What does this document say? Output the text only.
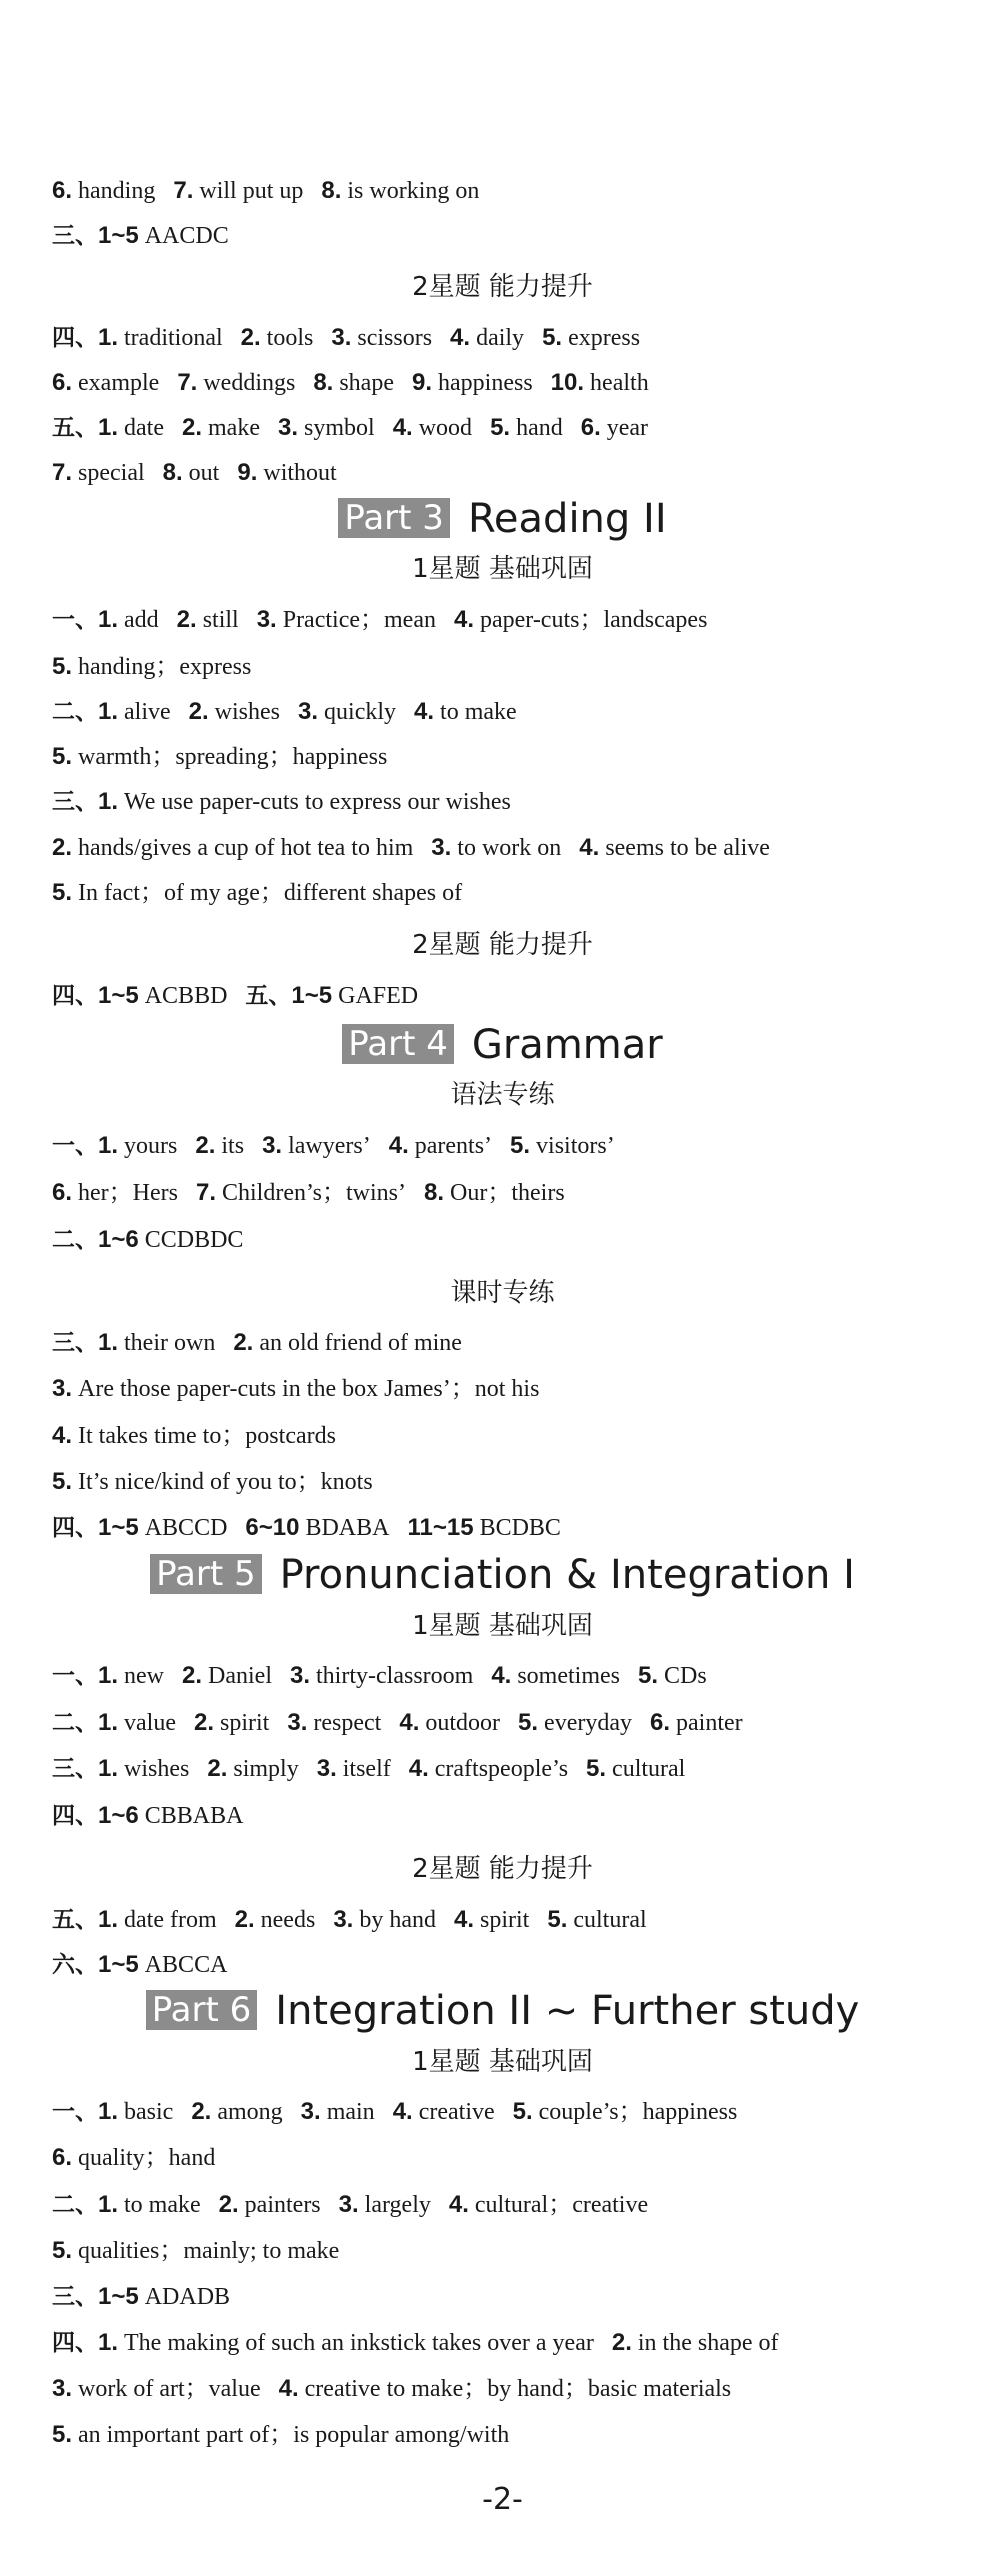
6. handing 7. will put up 8. is working on
三、1~5 AACDC
2星题 能力提升
四、1. traditional 2. tools 3. scissors 4. daily 5. express
6. example 7. weddings 8. shape 9. happiness 10. health
五、1. date 2. make 3. symbol 4. wood 5. hand 6. year
7. special 8. out 9. without
Part 3 Reading II
1星题 基础巩固
一、1. add 2. still 3. Practice；mean 4. paper-cuts；landscapes
5. handing；express
二、1. alive 2. wishes 3. quickly 4. to make
5. warmth；spreading；happiness
三、1. We use paper-cuts to express our wishes
2. hands/gives a cup of hot tea to him 3. to work on 4. seems to be alive
5. In fact；of my age；different shapes of
2星题 能力提升
四、1~5 ACBBD 五、1~5 GAFED
Part 4 Grammar
语法专练
一、1. yours 2. its 3. lawyers’ 4. parents’ 5. visitors’
6. her；Hers 7. Children’s；twins’ 8. Our；theirs
二、1~6 CCDBDC
课时专练
三、1. their own 2. an old friend of mine
3. Are those paper-cuts in the box James’；not his
4. It takes time to；postcards
5. It’s nice/kind of you to；knots
四、1~5 ABCCD 6~10 BDABA 11~15 BCDBC
Part 5 Pronunciation & Integration I
1星题 基础巩固
一、1. new 2. Daniel 3. thirty-classroom 4. sometimes 5. CDs
二、1. value 2. spirit 3. respect 4. outdoor 5. everyday 6. painter
三、1. wishes 2. simply 3. itself 4. craftspeople’s 5. cultural
四、1~6 CBBABA
2星题 能力提升
五、1. date from 2. needs 3. by hand 4. spirit 5. cultural
六、1~5 ABCCA
Part 6 Integration II ~ Further study
1星题 基础巩固
一、1. basic 2. among 3. main 4. creative 5. couple’s；happiness
6. quality；hand
二、1. to make 2. painters 3. largely 4. cultural；creative
5. qualities；mainly; to make
三、1~5 ADADB
四、1. The making of such an inkstick takes over a year 2. in the shape of
3. work of art；value 4. creative to make；by hand；basic materials
5. an important part of；is popular among/with
-2-
